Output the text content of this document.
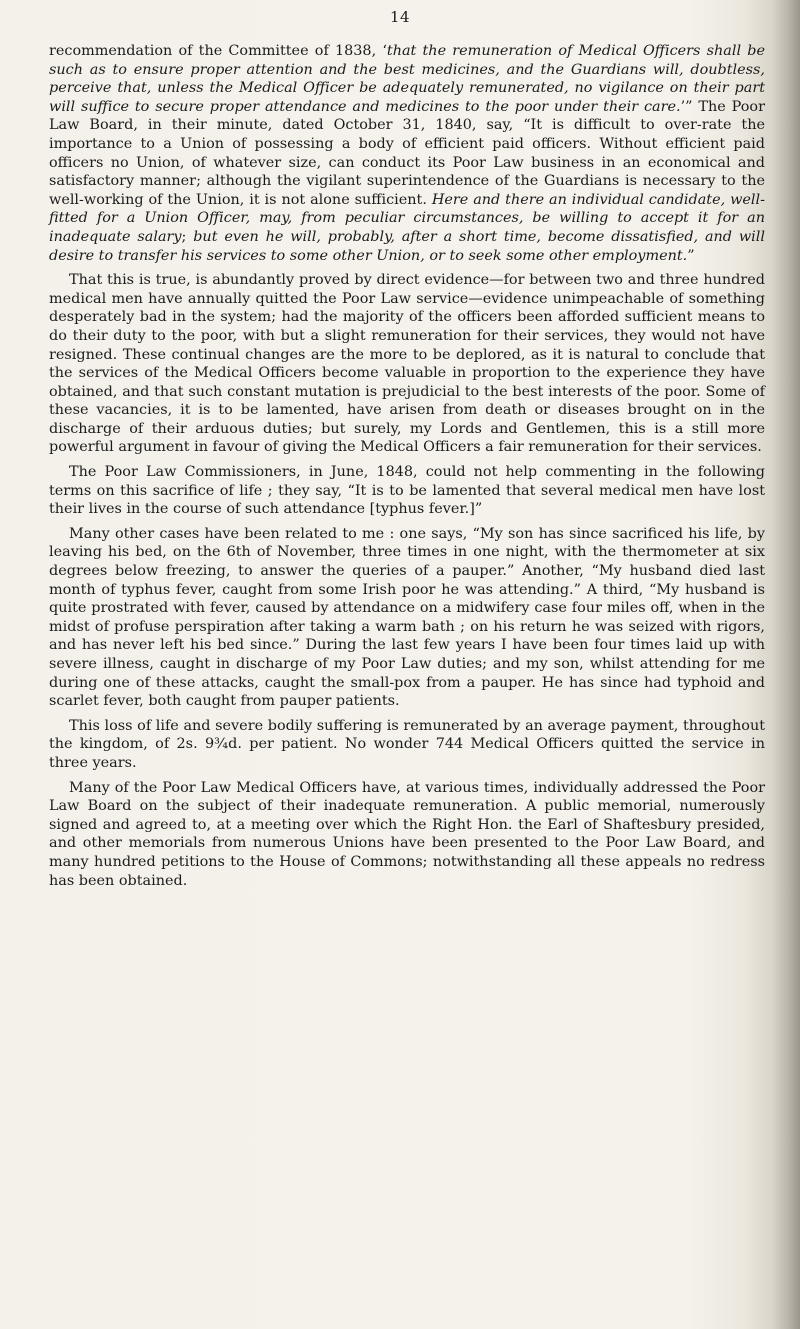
14

recommendation of the Committee of 1838, ‘that the remuneration of Medical Officers shall be such as to ensure proper attention and the best medicines, and the Guardians will, doubtless, perceive that, unless the Medical Officer be adequately remunerated, no vigilance on their part will suffice to secure proper attendance and medicines to the poor under their care.’” The Poor Law Board, in their minute, dated October 31, 1840, say, “It is difficult to over-rate the importance to a Union of possessing a body of efficient paid officers. Without efficient paid officers no Union, of whatever size, can conduct its Poor Law business in an economical and satisfactory manner; although the vigilant superintendence of the Guardians is necessary to the well-working of the Union, it is not alone sufficient. Here and there an individual candidate, well-fitted for a Union Officer, may, from peculiar circumstances, be willing to accept it for an inadequate salary; but even he will, probably, after a short time, become dissatisfied, and will desire to transfer his services to some other Union, or to seek some other employment.”

That this is true, is abundantly proved by direct evidence—for between two and three hundred medical men have annually quitted the Poor Law service—evidence unimpeachable of something desperately bad in the system; had the majority of the officers been afforded sufficient means to do their duty to the poor, with but a slight remuneration for their services, they would not have resigned. These continual changes are the more to be deplored, as it is natural to conclude that the services of the Medical Officers become valuable in proportion to the experience they have obtained, and that such constant mutation is prejudicial to the best interests of the poor. Some of these vacancies, it is to be lamented, have arisen from death or diseases brought on in the discharge of their arduous duties; but surely, my Lords and Gentlemen, this is a still more powerful argument in favour of giving the Medical Officers a fair remuneration for their services.

The Poor Law Commissioners, in June, 1848, could not help commenting in the following terms on this sacrifice of life ; they say, “It is to be lamented that several medical men have lost their lives in the course of such attendance [typhus fever.]”

Many other cases have been related to me : one says, “My son has since sacrificed his life, by leaving his bed, on the 6th of November, three times in one night, with the thermometer at six degrees below freezing, to answer the queries of a pauper.” Another, “My husband died last month of typhus fever, caught from some Irish poor he was attending.” A third, “My husband is quite prostrated with fever, caused by attendance on a midwifery case four miles off, when in the midst of profuse perspiration after taking a warm bath ; on his return he was seized with rigors, and has never left his bed since.” During the last few years I have been four times laid up with severe illness, caught in discharge of my Poor Law duties; and my son, whilst attending for me during one of these attacks, caught the small-pox from a pauper. He has since had typhoid and scarlet fever, both caught from pauper patients.

This loss of life and severe bodily suffering is remunerated by an average payment, throughout the kingdom, of 2s. 9¾d. per patient. No wonder 744 Medical Officers quitted the service in three years.

Many of the Poor Law Medical Officers have, at various times, individually addressed the Poor Law Board on the subject of their inadequate remuneration. A public memorial, numerously signed and agreed to, at a meeting over which the Right Hon. the Earl of Shaftesbury presided, and other memorials from numerous Unions have been presented to the Poor Law Board, and many hundred petitions to the House of Commons; notwithstanding all these appeals no redress has been obtained.
